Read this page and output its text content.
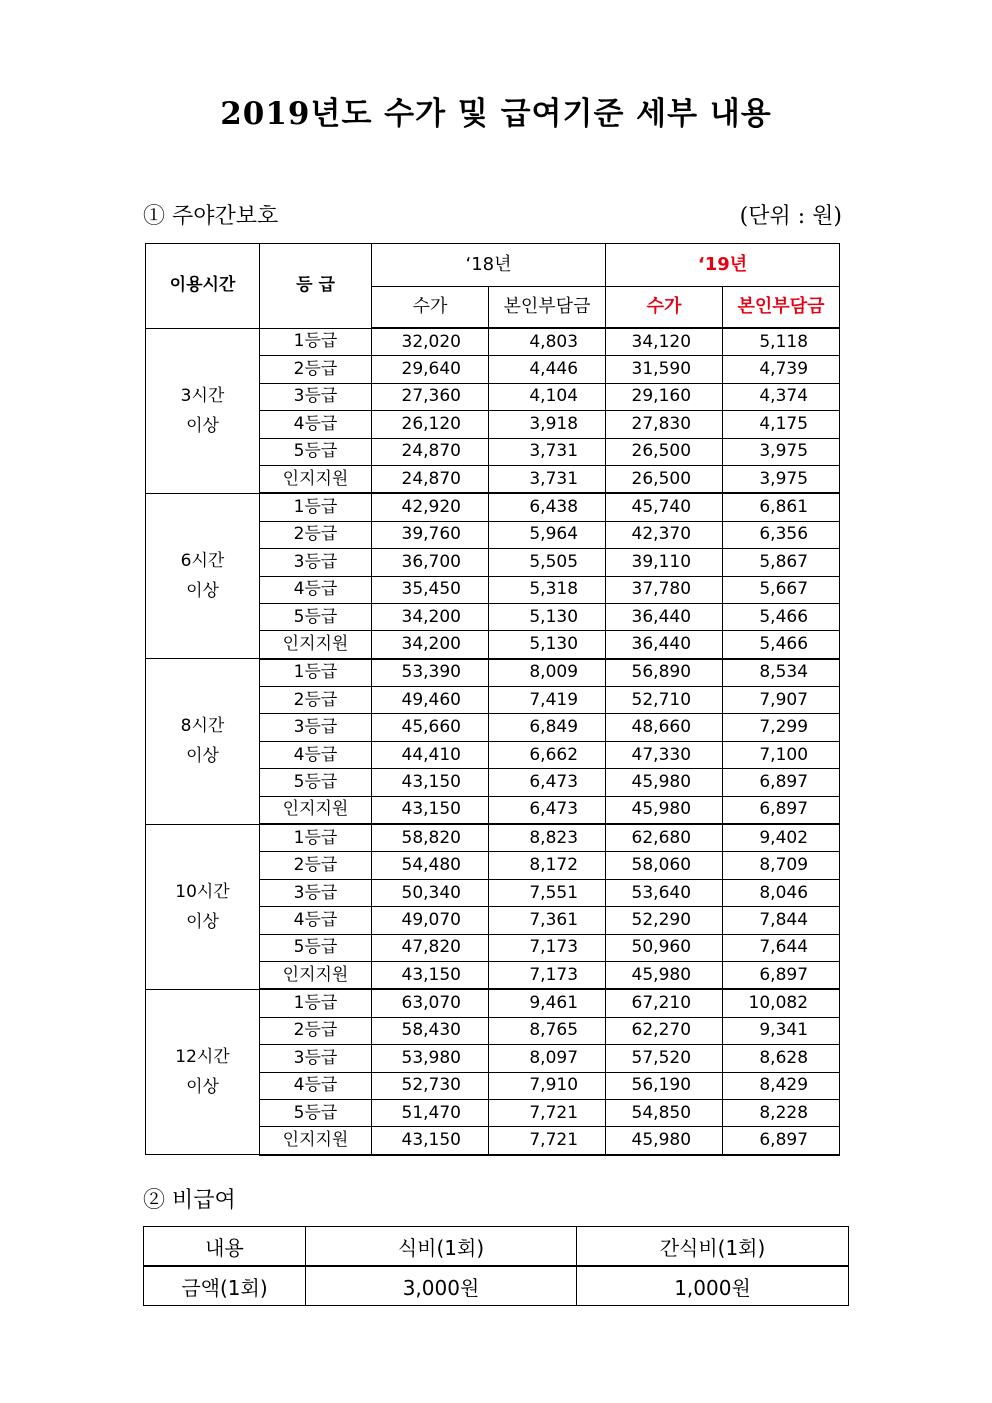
2019년도 수가 및 급여기준 세부 내용
① 주야간보호	(단위 : 원)
이용시간	등 급	‘18년		‘19년	
		수가	본인부담금	수가	본인부담금

3시간
이상	1등급	32,020	4,803	34,120	5,118
	2등급	29,640	4,446	31,590	4,739
	3등급	27,360	4,104	29,160	4,374
	4등급	26,120	3,918	27,830	4,175
	5등급	24,870	3,731	26,500	3,975
	인지지원	24,870	3,731	26,500	3,975

6시간
이상	1등급	42,920	6,438	45,740	6,861
	2등급	39,760	5,964	42,370	6,356
	3등급	36,700	5,505	39,110	5,867
	4등급	35,450	5,318	37,780	5,667
	5등급	34,200	5,130	36,440	5,466
	인지지원	34,200	5,130	36,440	5,466

8시간
이상	1등급	53,390	8,009	56,890	8,534
	2등급	49,460	7,419	52,710	7,907
	3등급	45,660	6,849	48,660	7,299
	4등급	44,410	6,662	47,330	7,100
	5등급	43,150	6,473	45,980	6,897
	인지지원	43,150	6,473	45,980	6,897

10시간
이상	1등급	58,820	8,823	62,680	9,402
	2등급	54,480	8,172	58,060	8,709
	3등급	50,340	7,551	53,640	8,046
	4등급	49,070	7,361	52,290	7,844
	5등급	47,820	7,173	50,960	7,644
	인지지원	43,150	7,173	45,980	6,897

12시간
이상	1등급	63,070	9,461	67,210	10,082
	2등급	58,430	8,765	62,270	9,341
	3등급	53,980	8,097	57,520	8,628
	4등급	52,730	7,910	56,190	8,429
	5등급	51,470	7,721	54,850	8,228
	인지지원	43,150	7,721	45,980	6,897
② 비급여
내용	식비(1회)	간식비(1회)
금액(1회)	3,000원	1,000원
